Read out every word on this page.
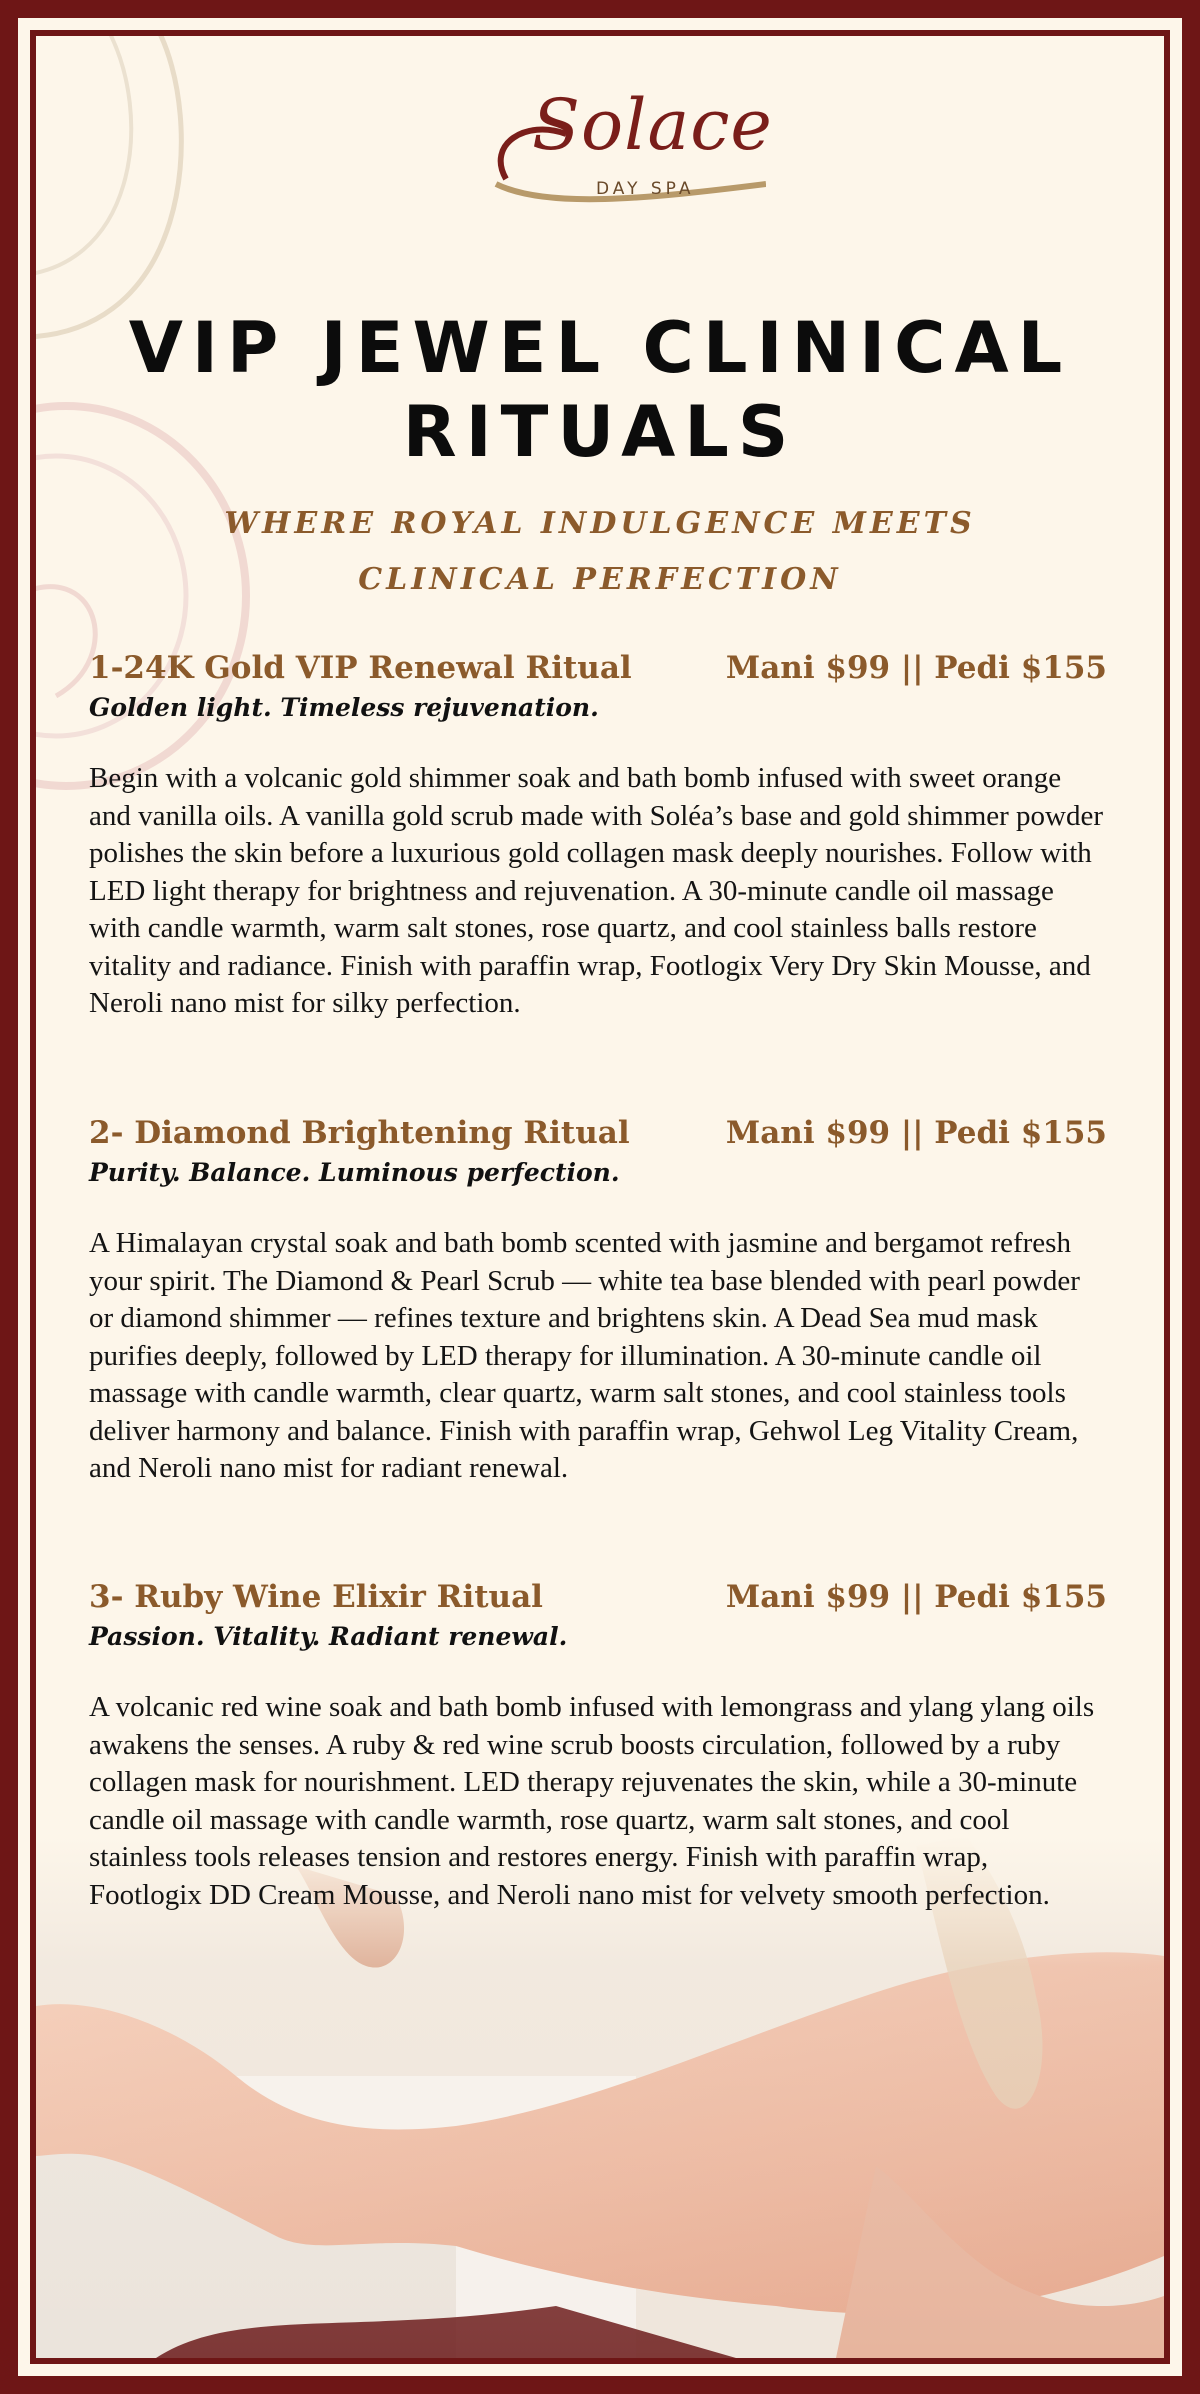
Solace
DAY SPA
VIP JEWEL CLINICAL
RITUALS
WHERE ROYAL INDULGENCE MEETS
CLINICAL PERFECTION
1-24K Gold VIP Renewal Ritual	Mani $99 || Pedi $155
Golden light. Timeless rejuvenation.
Begin with a volcanic gold shimmer soak and bath bomb infused with sweet orange and vanilla oils. A vanilla gold scrub made with Soléa’s base and gold shimmer powder polishes the skin before a luxurious gold collagen mask deeply nourishes. Follow with LED light therapy for brightness and rejuvenation. A 30-minute candle oil massage with candle warmth, warm salt stones, rose quartz, and cool stainless balls restore vitality and radiance. Finish with paraffin wrap, Footlogix Very Dry Skin Mousse, and Neroli nano mist for silky perfection.
2- Diamond Brightening Ritual	Mani $99 || Pedi $155
Purity. Balance. Luminous perfection.
A Himalayan crystal soak and bath bomb scented with jasmine and bergamot refresh your spirit. The Diamond & Pearl Scrub — white tea base blended with pearl powder or diamond shimmer — refines texture and brightens skin. A Dead Sea mud mask purifies deeply, followed by LED therapy for illumination. A 30-minute candle oil massage with candle warmth, clear quartz, warm salt stones, and cool stainless tools deliver harmony and balance. Finish with paraffin wrap, Gehwol Leg Vitality Cream, and Neroli nano mist for radiant renewal.
3- Ruby Wine Elixir Ritual	Mani $99 || Pedi $155
Passion. Vitality. Radiant renewal.
A volcanic red wine soak and bath bomb infused with lemongrass and ylang ylang oils awakens the senses. A ruby & red wine scrub boosts circulation, followed by a ruby collagen mask for nourishment. LED therapy rejuvenates the skin, while a 30-minute candle oil massage with candle warmth, rose quartz, warm salt stones, and cool stainless tools releases tension and restores energy. Finish with paraffin wrap, Footlogix DD Cream Mousse, and Neroli nano mist for velvety smooth perfection.
